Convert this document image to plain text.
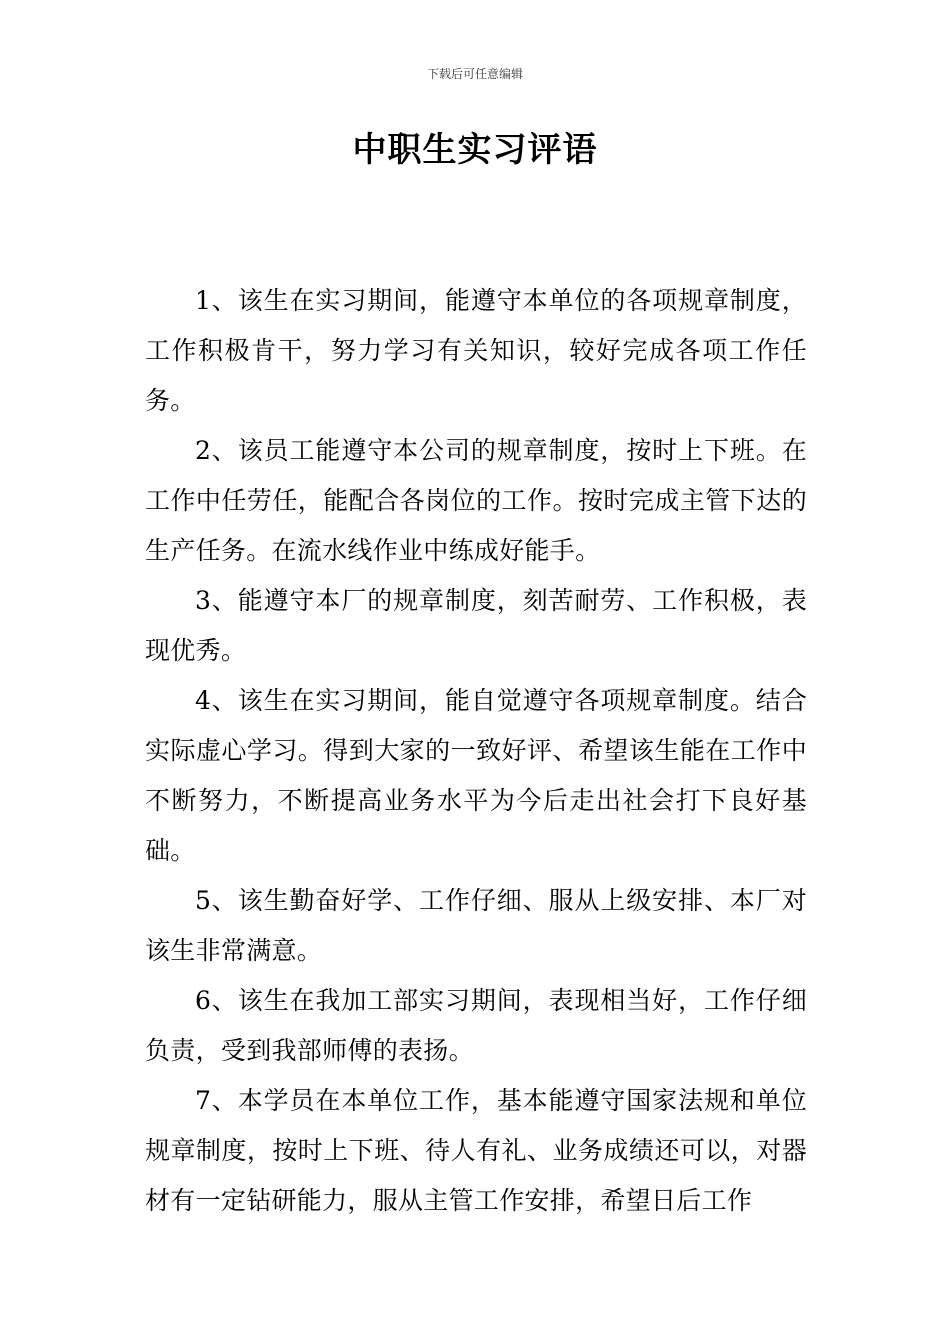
下载后可任意编辑
中职生实习评语

1、该生在实习期间，能遵守本单位的各项规章制度，工作积极肯干，努力学习有关知识，较好完成各项工作任务。

2、该员工能遵守本公司的规章制度，按时上下班。在工作中任劳任，能配合各岗位的工作。按时完成主管下达的生产任务。在流水线作业中练成好能手。

3、能遵守本厂的规章制度，刻苦耐劳、工作积极，表现优秀。

4、该生在实习期间，能自觉遵守各项规章制度。结合实际虚心学习。得到大家的一致好评、希望该生能在工作中不断努力，不断提高业务水平为今后走出社会打下良好基础。

5、该生勤奋好学、工作仔细、服从上级安排、本厂对该生非常满意。

6、该生在我加工部实习期间，表现相当好，工作仔细负责，受到我部师傅的表扬。

7、本学员在本单位工作，基本能遵守国家法规和单位规章制度，按时上下班、待人有礼、业务成绩还可以，对器材有一定钻研能力，服从主管工作安排，希望日后工作
